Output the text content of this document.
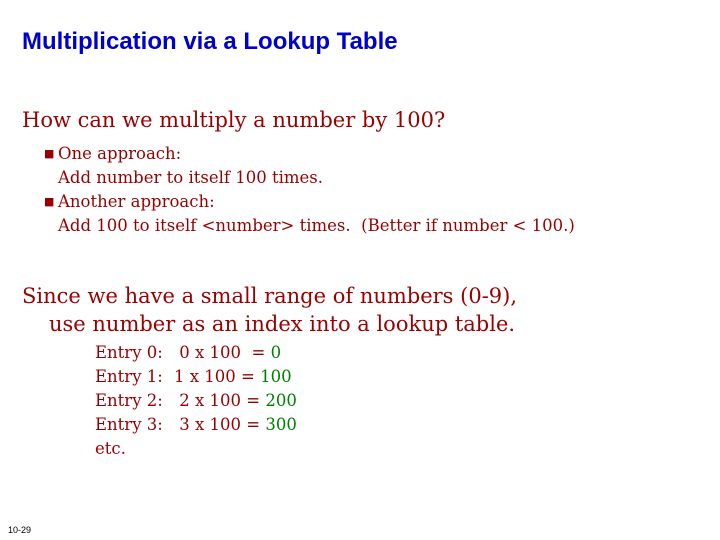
Multiplication via a Lookup Table
How can we multiply a number by 100?
■ One approach:
Add number to itself 100 times.
■ Another approach:
Add 100 to itself <number> times.  (Better if number < 100.)
Since we have a small range of numbers (0-9),
use number as an index into a lookup table.
Entry 0: 0 x 100  = 0
Entry 1: 1 x 100 = 100
Entry 2: 2 x 100 = 200
Entry 3: 3 x 100 = 300
etc.
10-29
